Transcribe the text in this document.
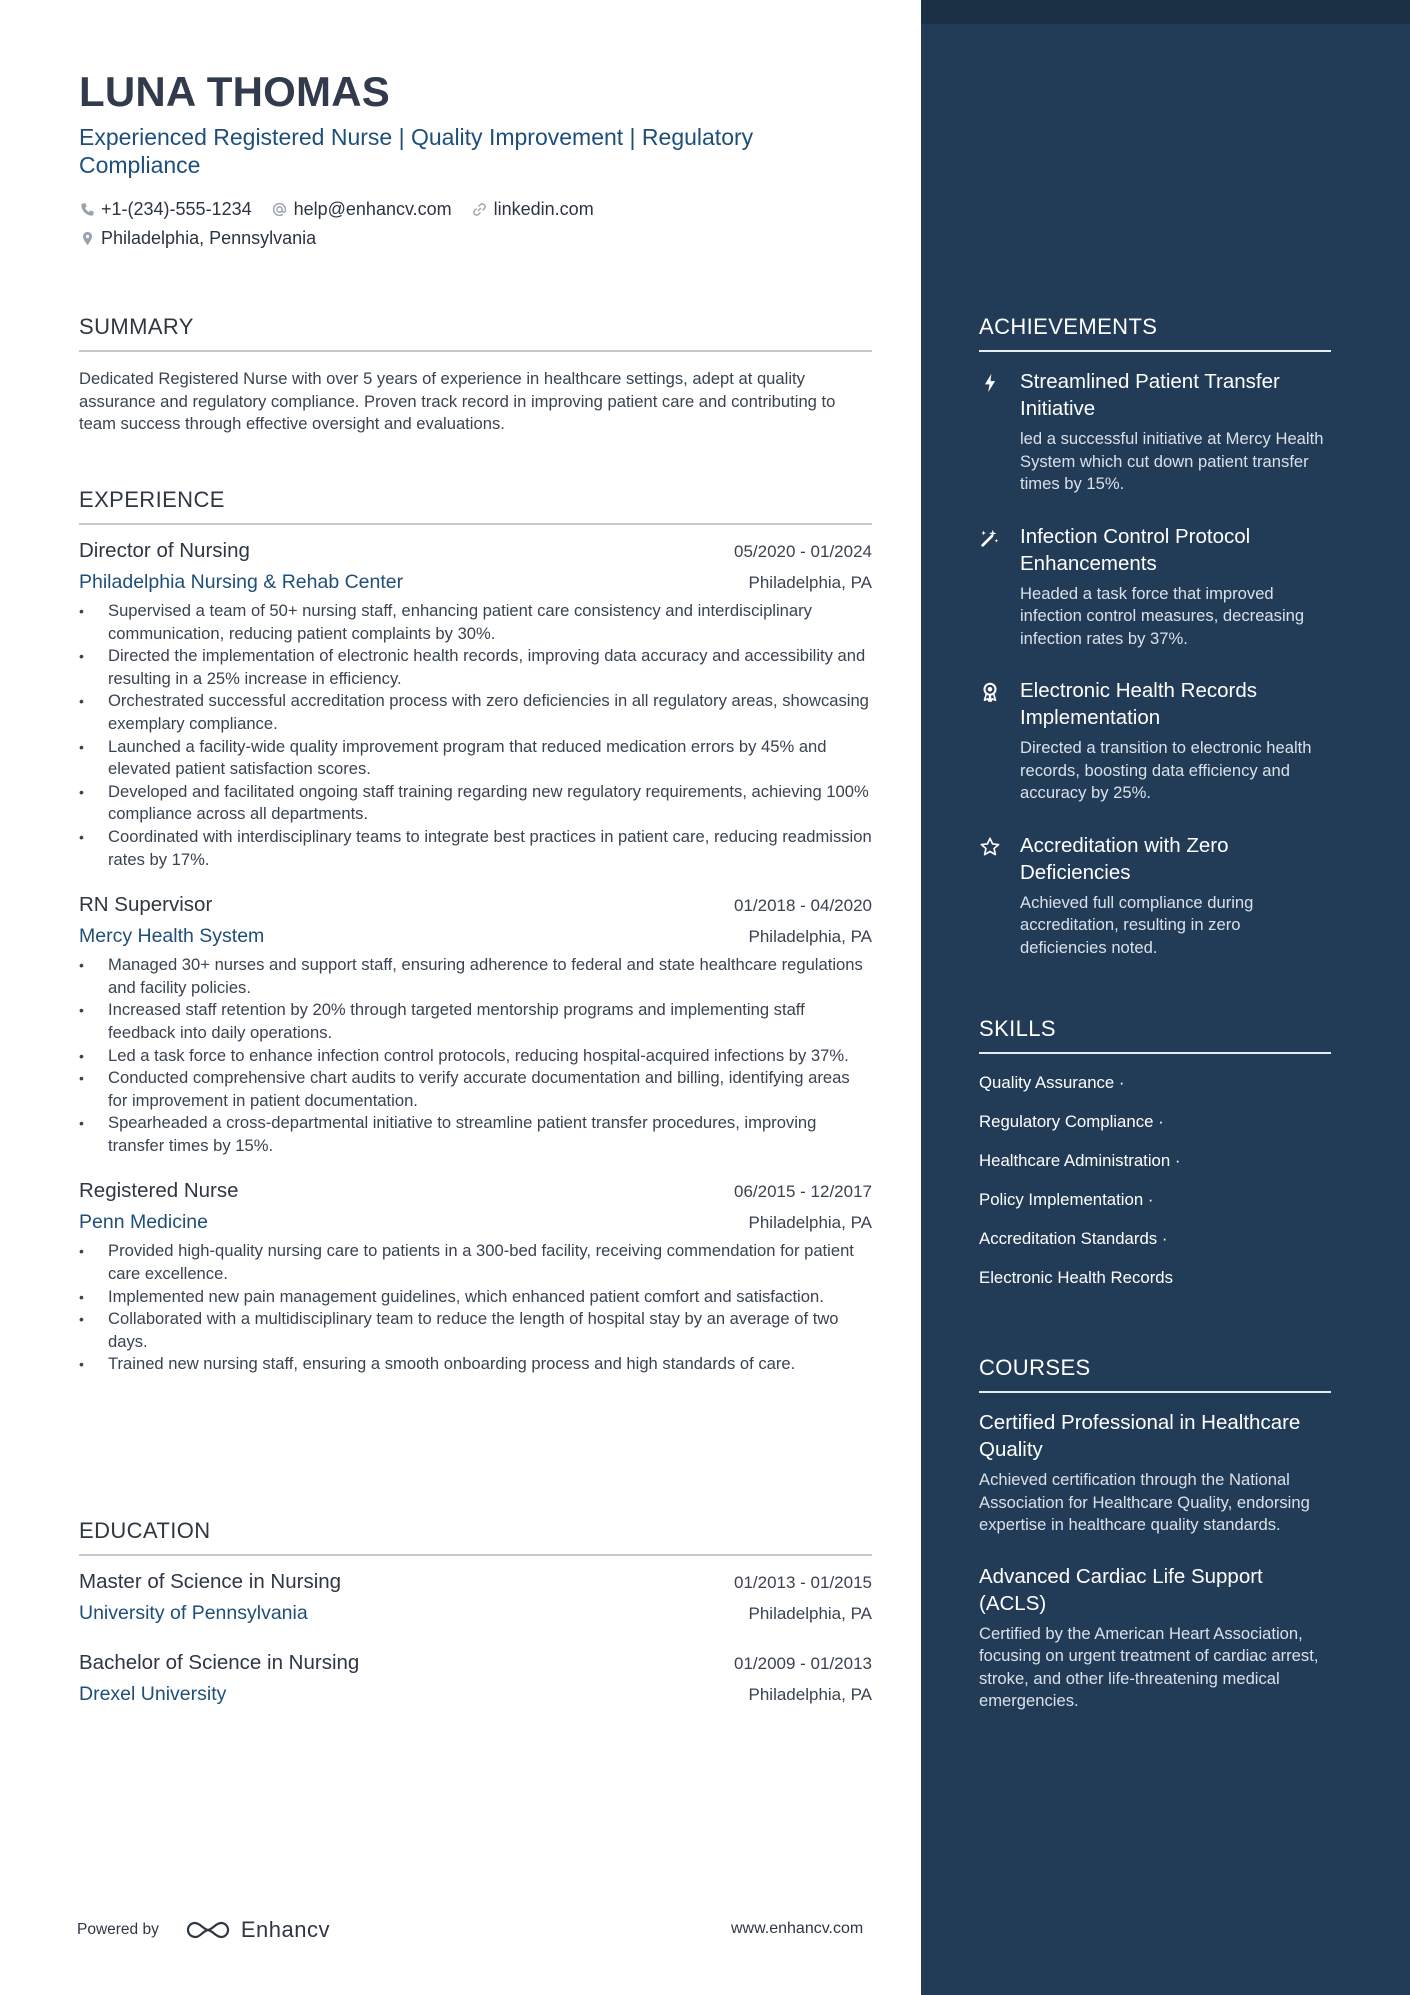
LUNA THOMAS
Experienced Registered Nurse | Quality Improvement | Regulatory Compliance
+1-(234)-555-1234 help@enhancv.com linkedin.com
Philadelphia, Pennsylvania
SUMMARY

Dedicated Registered Nurse with over 5 years of experience in healthcare settings, adept at quality assurance and regulatory compliance. Proven track record in improving patient care and contributing to team success through effective oversight and evaluations.

EXPERIENCE
Director of Nursing	05/2020 - 01/2024
Philadelphia Nursing & Rehab Center	Philadelphia, PA
• Supervised a team of 50+ nursing staff, enhancing patient care consistency and interdisciplinary communication, reducing patient complaints by 30%.
• Directed the implementation of electronic health records, improving data accuracy and accessibility and resulting in a 25% increase in efficiency.
• Orchestrated successful accreditation process with zero deficiencies in all regulatory areas, showcasing exemplary compliance.
• Launched a facility-wide quality improvement program that reduced medication errors by 45% and elevated patient satisfaction scores.
• Developed and facilitated ongoing staff training regarding new regulatory requirements, achieving 100% compliance across all departments.
• Coordinated with interdisciplinary teams to integrate best practices in patient care, reducing readmission rates by 17%.
RN Supervisor	01/2018 - 04/2020
Mercy Health System	Philadelphia, PA
• Managed 30+ nurses and support staff, ensuring adherence to federal and state healthcare regulations and facility policies.
• Increased staff retention by 20% through targeted mentorship programs and implementing staff feedback into daily operations.
• Led a task force to enhance infection control protocols, reducing hospital-acquired infections by 37%.
• Conducted comprehensive chart audits to verify accurate documentation and billing, identifying areas for improvement in patient documentation.
• Spearheaded a cross-departmental initiative to streamline patient transfer procedures, improving transfer times by 15%.
Registered Nurse	06/2015 - 12/2017
Penn Medicine	Philadelphia, PA
• Provided high-quality nursing care to patients in a 300-bed facility, receiving commendation for patient care excellence.
• Implemented new pain management guidelines, which enhanced patient comfort and satisfaction.
• Collaborated with a multidisciplinary team to reduce the length of hospital stay by an average of two days.
• Trained new nursing staff, ensuring a smooth onboarding process and high standards of care.
EDUCATION
Master of Science in Nursing	01/2013 - 01/2015
University of Pennsylvania	Philadelphia, PA
Bachelor of Science in Nursing	01/2009 - 01/2013
Drexel University	Philadelphia, PA
ACHIEVEMENTS
Streamlined Patient Transfer Initiative
led a successful initiative at Mercy Health System which cut down patient transfer times by 15%.
Infection Control Protocol Enhancements
Headed a task force that improved infection control measures, decreasing infection rates by 37%.
Electronic Health Records Implementation
Directed a transition to electronic health records, boosting data efficiency and accuracy by 25%.
Accreditation with Zero Deficiencies
Achieved full compliance during accreditation, resulting in zero deficiencies noted.
SKILLS
Quality Assurance ·
Regulatory Compliance ·
Healthcare Administration ·
Policy Implementation ·
Accreditation Standards ·
Electronic Health Records
COURSES
Certified Professional in Healthcare Quality
Achieved certification through the National Association for Healthcare Quality, endorsing expertise in healthcare quality standards.
Advanced Cardiac Life Support (ACLS)
Certified by the American Heart Association, focusing on urgent treatment of cardiac arrest, stroke, and other life-threatening medical emergencies.
Powered by	Enhancv	www.enhancv.com
